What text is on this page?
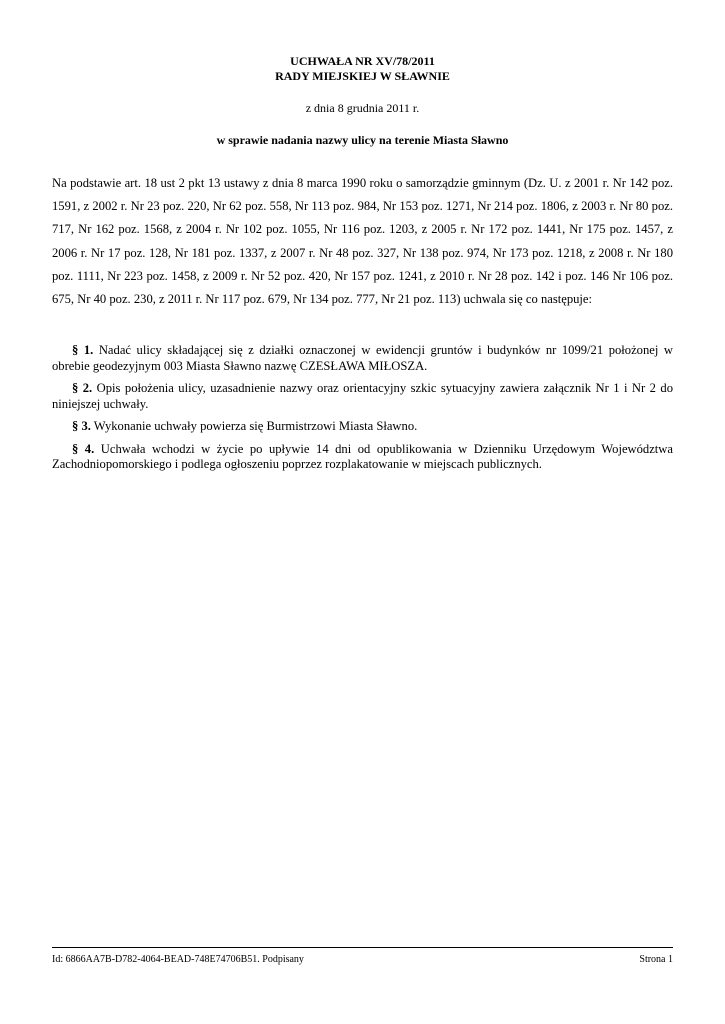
UCHWAŁA NR XV/78/2011
RADY MIEJSKIEJ W SŁAWNIE
z dnia 8 grudnia 2011 r.
w sprawie nadania nazwy ulicy na terenie Miasta Sławno

Na podstawie art. 18 ust 2 pkt 13 ustawy z dnia 8 marca 1990 roku o samorządzie gminnym (Dz. U. z 2001 r. Nr 142 poz. 1591, z 2002 r. Nr 23 poz. 220, Nr 62 poz. 558, Nr 113 poz. 984, Nr 153 poz. 1271, Nr 214 poz. 1806, z 2003 r. Nr 80 poz. 717, Nr 162 poz. 1568, z 2004 r. Nr 102 poz. 1055, Nr 116 poz. 1203, z 2005 r. Nr 172 poz. 1441, Nr 175 poz. 1457, z 2006 r. Nr 17 poz. 128, Nr 181 poz. 1337, z 2007 r. Nr 48 poz. 327, Nr 138 poz. 974, Nr 173 poz. 1218, z 2008 r. Nr 180 poz. 1111, Nr 223 poz. 1458, z 2009 r. Nr 52 poz. 420, Nr 157 poz. 1241, z 2010 r. Nr 28 poz. 142 i poz. 146 Nr 106 poz. 675, Nr 40 poz. 230, z 2011 r. Nr 117 poz. 679, Nr 134 poz. 777, Nr 21 poz. 113) uchwala się co następuje:

§ 1. Nadać ulicy składającej się z działki oznaczonej w ewidencji gruntów i budynków nr 1099/21 położonej w obrebie geodezyjnym 003 Miasta Sławno nazwę CZESŁAWA MIŁOSZA.

§ 2. Opis położenia ulicy, uzasadnienie nazwy oraz orientacyjny szkic sytuacyjny zawiera załącznik Nr 1 i Nr 2 do niniejszej uchwały.

§ 3. Wykonanie uchwały powierza się Burmistrzowi Miasta Sławno.

§ 4. Uchwała wchodzi w życie po upływie 14 dni od opublikowania w Dzienniku Urzędowym Województwa Zachodniopomorskiego i podlega ogłoszeniu poprzez rozplakatowanie w miejscach publicznych.

Id: 6866AA7B-D782-4064-BEAD-748E74706B51. Podpisany	Strona 1
